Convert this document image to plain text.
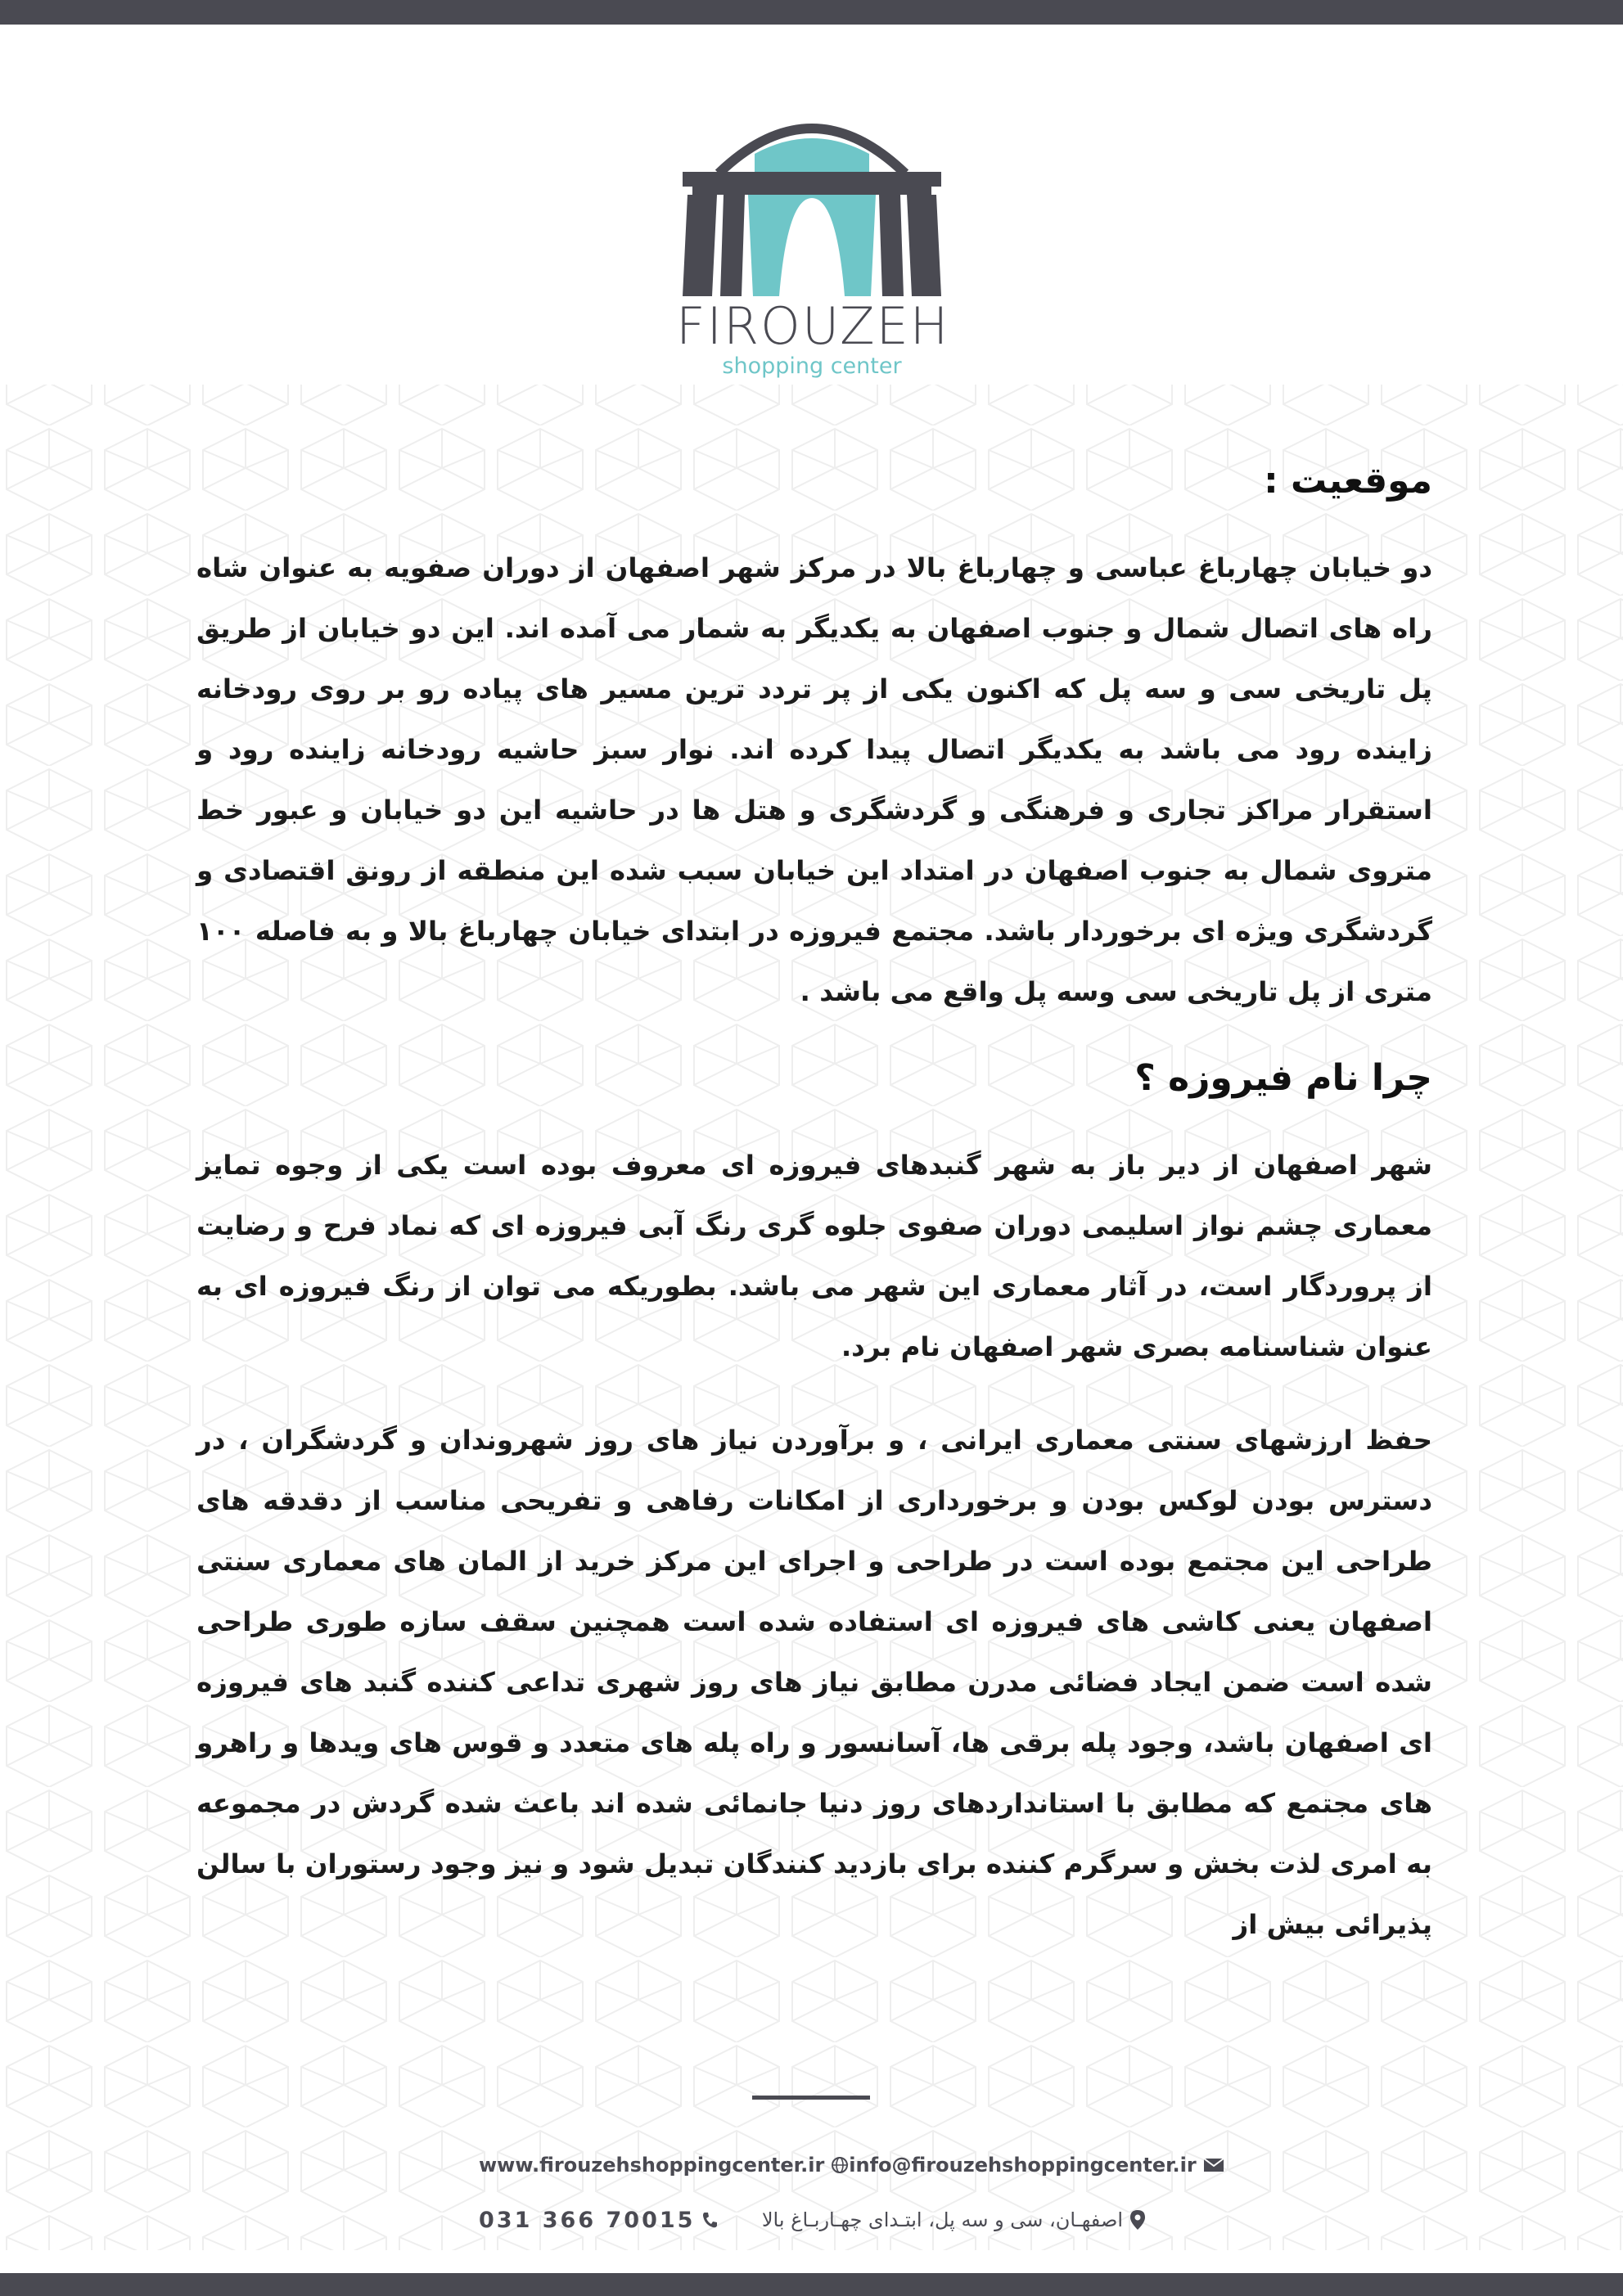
FIROUZEH
shopping center
موقعیت :

دو خیابان چهارباغ عباسی و چهارباغ بالا در مرکز شهر اصفهان از دوران صفویه به عنوان شاه راه های اتصال شمال و جنوب اصفهان به یکدیگر به شمار می آمده اند. این دو خیابان از طریق پل تاریخی سی و سه پل که اکنون یکی از پر تردد ترین مسیر های پیاده رو بر روی رودخانه زاینده رود می باشد به یکدیگر اتصال پیدا کرده اند. نوار سبز حاشیه رودخانه زاینده رود و استقرار مراکز تجاری و فرهنگی و گردشگری و هتل ها در حاشیه این دو خیابان و عبور خط متروی شمال به جنوب اصفهان در امتداد این خیابان سبب شده این منطقه از رونق اقتصادی و گردشگری ویژه ای برخوردار باشد. مجتمع فیروزه در ابتدای خیابان چهارباغ بالا و به فاصله ۱۰۰ متری از پل تاریخی سی وسه پل واقع می باشد .

چرا نام فیروزه ؟

شهر اصفهان از دیر باز به شهر گنبدهای فیروزه ای معروف بوده است یکی از وجوه تمایز معماری چشم نواز اسلیمی دوران صفوی جلوه گری رنگ آبی فیروزه ای که نماد فرح و رضایت از پروردگار است، در آثار معماری این شهر می باشد. بطوریکه می توان از رنگ فیروزه ای به عنوان شناسنامه بصری شهر اصفهان نام برد.

حفظ ارزشهای سنتی معماری ایرانی ، و برآوردن نیاز های روز شهروندان و گردشگران ، در دسترس بودن لوکس بودن و برخورداری از امکانات رفاهی و تفریحی مناسب از دقدقه های طراحی این مجتمع بوده است در طراحی و اجرای این مرکز خرید از المان های معماری سنتی اصفهان یعنی کاشی های فیروزه ای استفاده شده است همچنین سقف سازه طوری طراحی شده است ضمن ایجاد فضائی مدرن مطابق نیاز های روز شهری تداعی کننده گنبد های فیروزه ای اصفهان باشد، وجود پله برقی ها، آسانسور و راه پله های متعدد و قوس های ویدها و راهرو های مجتمع که مطابق با استانداردهای روز دنیا جانمائی شده اند باعث شده گردش در مجموعه به امری لذت بخش و سرگرم کننده برای بازدید کنندگان تبدیل شود و نیز وجود رستوران با سالن پذیرائی بیش از

www.firouzehshoppingcenter.ir info@firouzehshoppingcenter.ir
031 366 70015	اصفهـان، سی و سه پل، ابتـدای چهـاربـاغ بالا
